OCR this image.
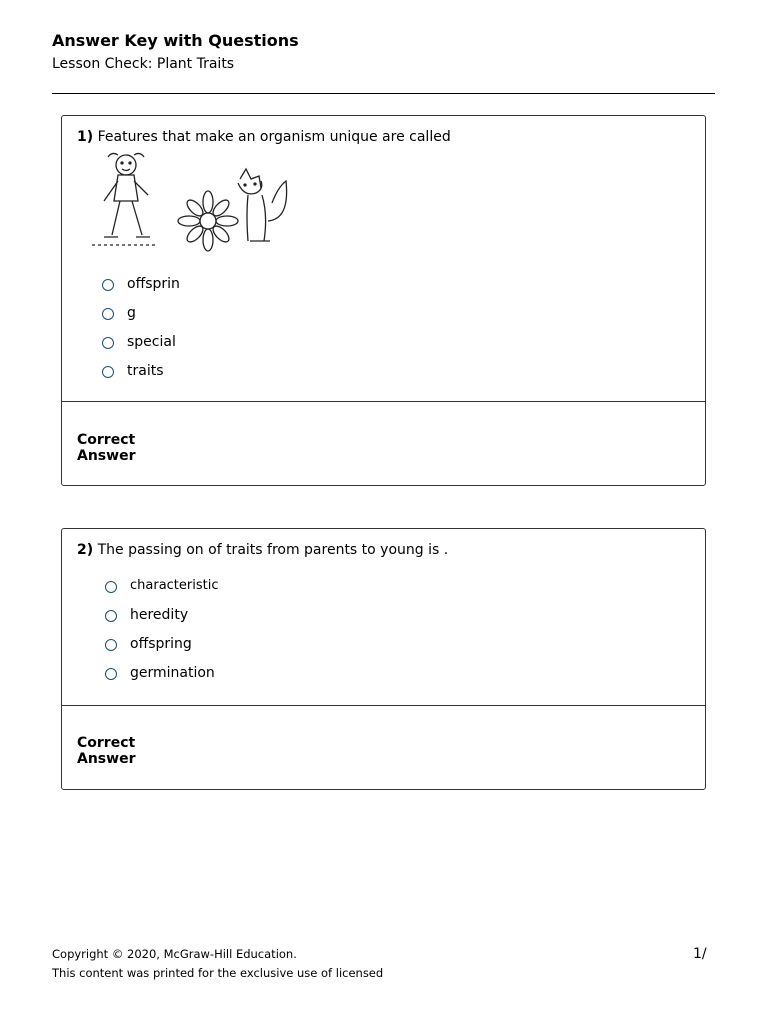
Answer Key with Questions
Lesson Check: Plant Traits
1) Features that make an organism unique are called
offsprin
g
special
traits
Correct
Answer
2) The passing on of traits from parents to young is .
characteristic
heredity
offspring
germination
Correct
Answer
Copyright © 2020, McGraw-Hill Education.
This content was printed for the exclusive use of licensed
1/
